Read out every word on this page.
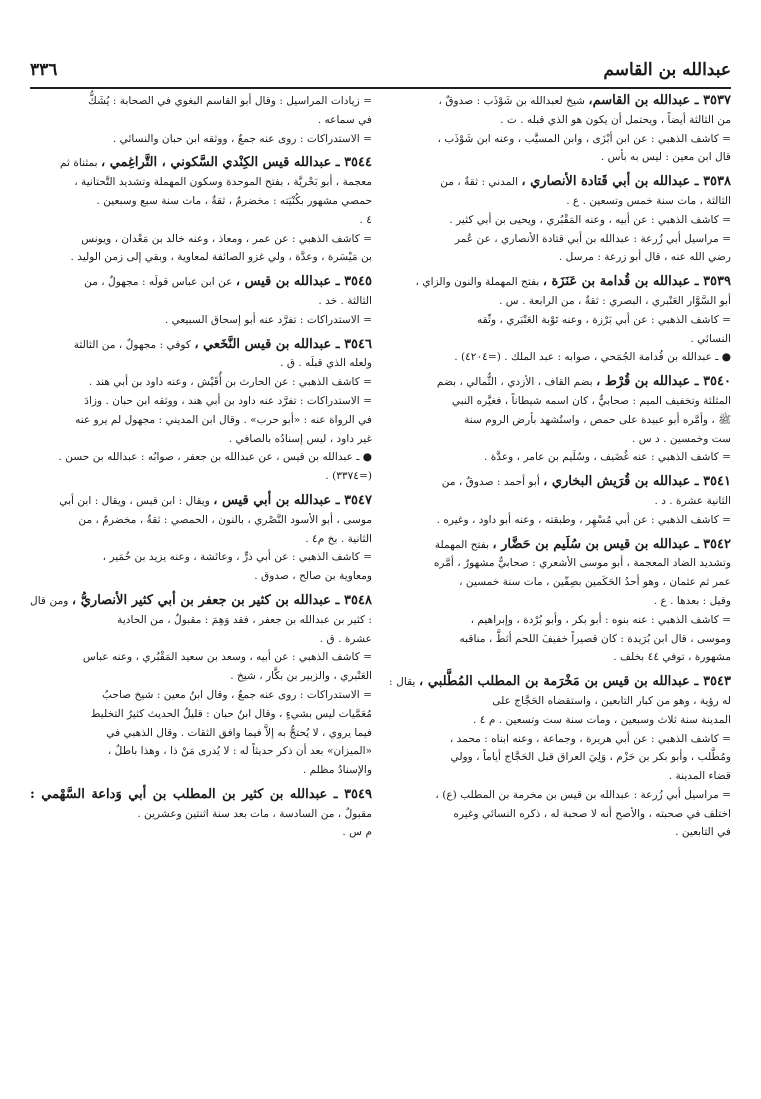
عبدالله بن القاسم
٣٣٦
٣٥٣٧ ـ عبدالله بن القاسم، شيخ لعبدالله بن شَوْذَب : صدوقٌ ،
من الثالثة أيضاً ، ويحتمل أن يكون هو الذي قبله . ت .
= كاشف الذهبي : عن ابن أبْزَى ، وابن المسيَّب ، وعنه ابن شَوْذَب ،
قال ابن معين : ليس به بأس .
٣٥٣٨ ـ عبدالله بن أبي قَتادة الأنصاري ، المدني : ثقةٌ ، من
الثالثة ، مات سنة خمس وتسعين . ع .
= كاشف الذهبي : عن أبيه ، وعنه المَقْبُري ، ويحيى بن أبي كثير .
= مراسيل أبي زُرعة : عبدالله بن أبي قتادة الأنصاري ، عن عُمر
رضي الله عنه ، قال أبو زرعة : مرسل .
٣٥٣٩ ـ عبدالله بن قُدامة بن عَنَزَة ، بفتح المهملة والنون والزاي ،
أبو السَّوَّار العَنْبري ، البصري : ثقةٌ ، من الرابعة . س .
= كاشف الذهبي : عن أبي بَرْزة ، وعنه تَوْبة العَنْبَري ، وثّقه
النسائي .
● ـ عبدالله بن قُدامة الجُمَحي ، صوابه : عبد الملك . (=٤٢٠٤) .
٣٥٤٠ ـ عبدالله بن قُرْط ، بضم القاف ، الأزدي ، الثُّمالي ، بضم
المثلثة وتخفيف الميم : صحابيٌّ ، كان اسمه شيطاناً ، فغيَّره النبي
ﷺ ، وأمَّره أبو عبيدة على حمص ، واستُشهد بأرض الروم سنة
ست وخمسين . د س .
= كاشف الذهبي : عنه غُضَيف ، وسُلَيم بن عامر ، وعدَّة .
٣٥٤١ ـ عبدالله بن قُرَيش البخاري ، أبو أحمد : صدوقٌ ، من
الثانية عشرة . د .
= كاشف الذهبي : عن أبي مُسْهِر ، وطبقته ، وعنه أبو داود ، وغيره .
٣٥٤٢ ـ عبدالله بن قيس بن سُلَيم بن حَضَّار ، بفتح المهملة
وتشديد الضاد المعجمة ، أبو موسى الأشعري : صحابيٌّ مشهورٌ ، أمَّره
عمر ثم عثمان ، وهو أحدُ الحَكَمين بصِفّين ، مات سنة خمسين ،
وقيل : بعدها . ع .
= كاشف الذهبي : عنه بنوه : أبو بكر ، وأبو بُرْدة ، وإبراهيم ،
وموسى ، قال ابن بُرَيدة : كان قصيراً خفيفَ اللحم أثطَّ ، مناقبه
مشهورة ، توفي ٤٤ بخلف .
٣٥٤٣ ـ عبدالله بن قيس بن مَخْرَمة بن المطلب المُطَّلبي ، يقال : له رؤية ، وهو من كبار التابعين ، واستقضاه الحَجَّاج على
المدينة سنة ثلاث وسبعين ، ومات سنة ست وتسعين . م ٤ .
= كاشف الذهبي : عن أبي هريرة ، وجماعة ، وعنه ابناه : محمد ،
ومُطَّلب ، وأبو بكر بن حَزْم ، وَلِيَ العراق قبل الحَجَّاج أياماً ، وولي
قضاء المدينة .
= مراسيل أبي زُرعة : عبدالله بن قيس بن مخرمة بن المطلب (ع) ،
اختلف في صحبته ، والأصح أنه لا صحبة له ، ذكره النسائي وغيره
في التابعين .
= زيادات المراسيل : وقال أبو القاسم البغوي في الصحابة : يُشَكُّ
في سماعه .
= الاستدراكات : روى عنه جمعٌ ، ووثقه ابن حبان والنسائي .
٣٥٤٤ ـ عبدالله قيس الكِنْدي السَّكوني ، التَّراغِمي ، بمثناة ثم
معجمة ، أبو بَحْريَّة ، بفتح الموحدة وسكون المهملة وتشديد التَّحتانية ،
حمصي مشهور بكُنْيَته : مخضرمٌ ، ثقةٌ ، مات سنة سبع وسبعين .
٤ .
= كاشف الذهبي : عن عمر ، ومعاذ ، وعنه خالد بن مَعْدان ، ويونس
بن مَيْسَرة ، وعدَّة ، ولي غزو الصائفة لمعاوية ، وبقي إلى زمن الوليد .
٣٥٤٥ ـ عبدالله بن قيس ، عن ابن عباس قولَه : مجهولٌ ، من
الثالثة . خد .
= الاستدراكات : تفرَّد عنه أبو إسحاق السبيعي .
٣٥٤٦ ـ عبدالله بن قيس النَّخَعي ، كوفي : مجهولٌ ، من الثالثة
ولعله الذي قبلَه . ق .
= كاشف الذهبي : عن الحارث بن أُقَيْش ، وعنه داود بن أبي هند .
= الاستدراكات : تفرَّد عنه داود بن أبي هند ، ووثقه ابن حبان . وزادَ
في الرواة عنه : «أبو حرب» . وقال ابن المديني : مجهول لم يرو عنه
غير داود ، ليس إسنادُه بالصافي .
● ـ عبدالله بن قيس ، عن عبدالله بن جعفر ، صوابُه : عبدالله بن حسن .
(=٣٣٧٤) .
٣٥٤٧ ـ عبدالله بن أبي قيس ، ويقال : ابن قيس ، ويقال : ابن أبي
موسى ، أبو الأسود النَّصْري ، بالنون ، الحمصي : ثقةٌ ، مخضرمٌ ، من
الثانية . بخ م٤ .
= كاشف الذهبي : عن أبي ذرٍّ ، وعائشة ، وعنه يزيد بن خُمَير ،
ومعاوية بن صالح ، صدوق .
٣٥٤٨ ـ عبدالله بن كثير بن جعفر بن أبي كثير الأنصاريُّ ، ومن قال : كثير بن عبدالله بن جعفر ، فقد وَهِمَ : مقبولٌ ، من الحادية
عشرة . ق .
= كاشف الذهبي : عن أبيه ، وسعد بن سعيد المَقْبُري ، وعنه عباس
العَنْبري ، والزبير بن بكَّار ، شيخ .
= الاستدراكات : روى عنه جمعٌ ، وقال ابنُ معين : شيخ صاحبُ
مُعَمَّيات ليس بشيءٍ ، وقال ابنُ حبان : قليلُ الحديث كثيرُ التخليط
فيما يروي ، لا يُحتجُّ به إلاَّ فيما وافق الثقات . وقال الذهبي في
«الميزان» بعد أن ذكر حديثاً له : لا يُدرى مَنْ ذا ، وهذا باطلٌ ،
والإسنادُ مظلم .
٣٥٤٩ ـ عبدالله بن كثير بن المطلب بن أبي وَداعة السَّهْمي : مقبولٌ ، من السادسة ، مات بعد سنة اثنتين وعشرين .
م س .
